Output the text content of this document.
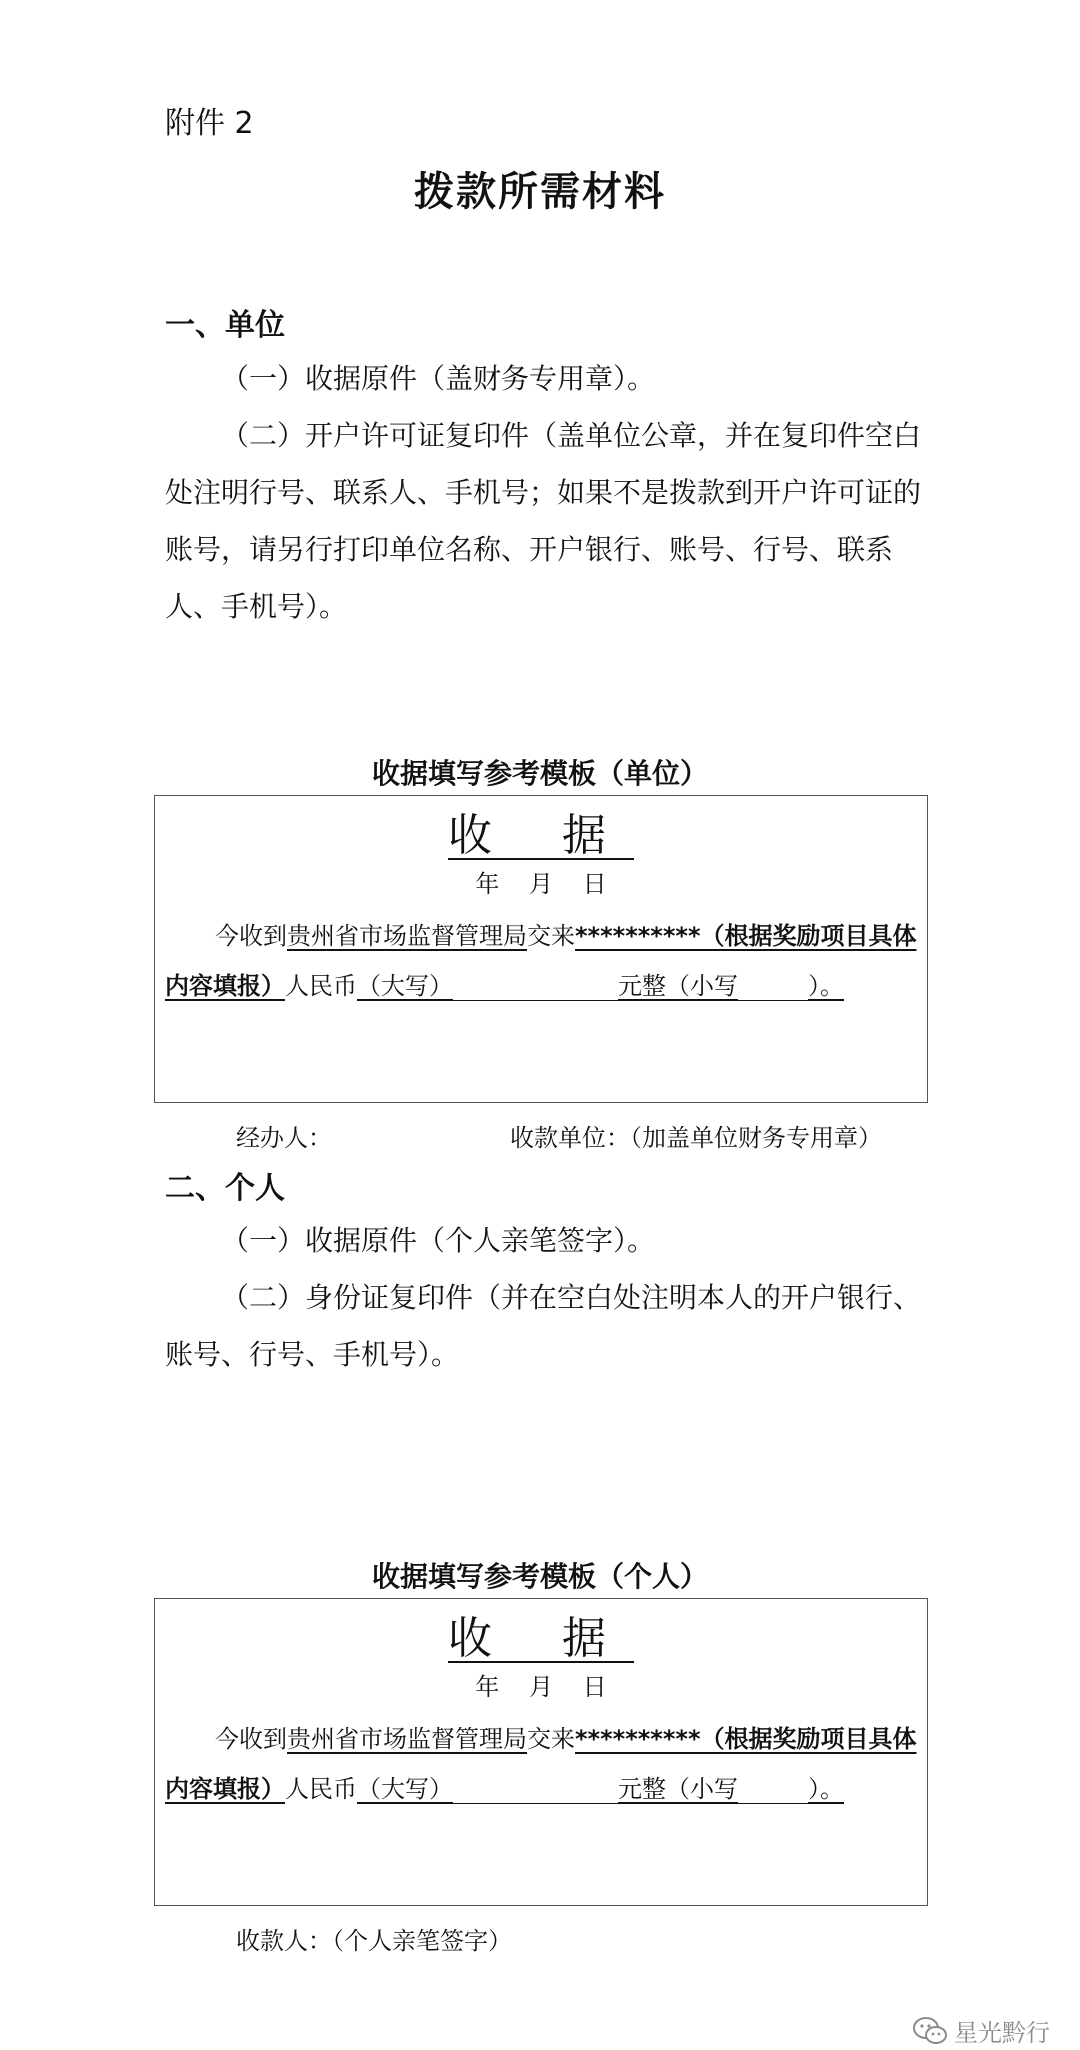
附件 2
拨款所需材料
一、单位
（一）收据原件（盖财务专用章）。
（二）开户许可证复印件（盖单位公章，并在复印件空白处注明行号、联系人、手机号；如果不是拨款到开户许可证的账号，请另行打印单位名称、开户银行、账号、行号、联系人、手机号）。
收据填写参考模板（单位）
收 据
年 月 日
今收到贵州省市场监督管理局交来**********（根据奖励项目具体
内容填报）人民币（大写）	元整（小写	）。
经办人：	收款单位：（加盖单位财务专用章）
二、个人
（一）收据原件（个人亲笔签字）。
（二）身份证复印件（并在空白处注明本人的开户银行、账号、行号、手机号）。
收据填写参考模板（个人）
收 据
年 月 日
今收到贵州省市场监督管理局交来**********（根据奖励项目具体
内容填报）人民币（大写）	元整（小写	）。
收款人：（个人亲笔签字）
星光黔行
